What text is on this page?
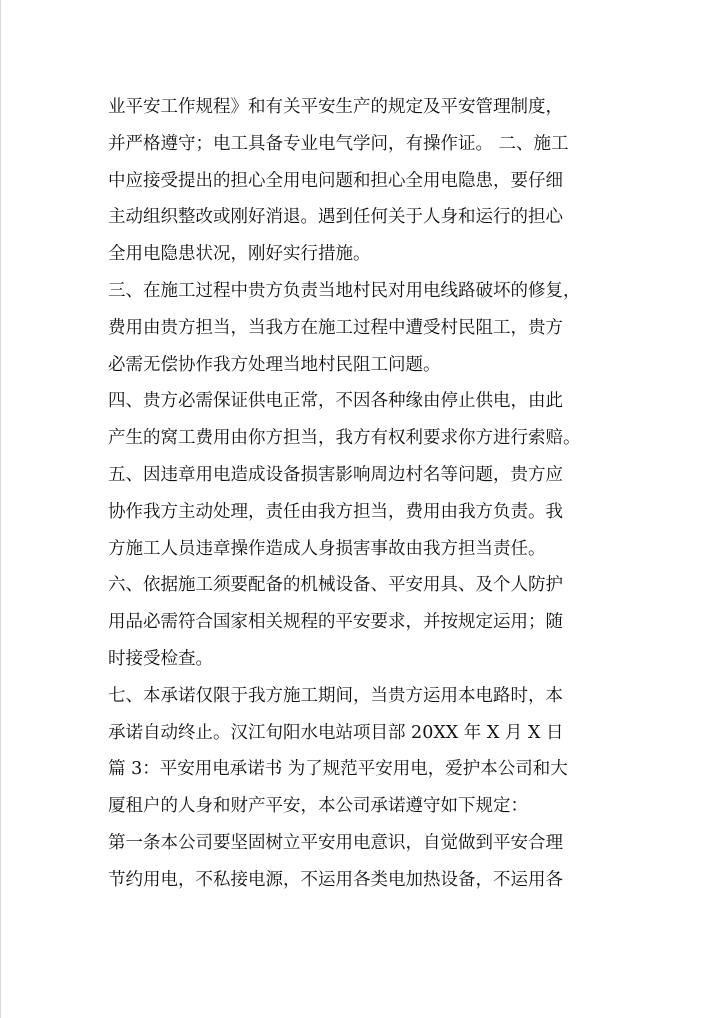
业平安工作规程》和有关平安生产的规定及平安管理制度，
并严格遵守；电工具备专业电气学问，有操作证。 二、施工
中应接受提出的担心全用电问题和担心全用电隐患，要仔细
主动组织整改或刚好消退。遇到任何关于人身和运行的担心
全用电隐患状况，刚好实行措施。
三、在施工过程中贵方负责当地村民对用电线路破坏的修复，
费用由贵方担当，当我方在施工过程中遭受村民阻工，贵方
必需无偿协作我方处理当地村民阻工问题。
四、贵方必需保证供电正常，不因各种缘由停止供电，由此
产生的窝工费用由你方担当，我方有权利要求你方进行索赔。
五、因违章用电造成设备损害影响周边村名等问题，贵方应
协作我方主动处理，责任由我方担当，费用由我方负责。我
方施工人员违章操作造成人身损害事故由我方担当责任。
六、依据施工须要配备的机械设备、平安用具、及个人防护
用品必需符合国家相关规程的平安要求，并按规定运用；随
时接受检查。
七、本承诺仅限于我方施工期间，当贵方运用本电路时，本
承诺自动终止。汉江旬阳水电站项目部 20XX 年 X 月 X 日
篇 3：平安用电承诺书 为了规范平安用电，爱护本公司和大
厦租户的人身和财产平安，本公司承诺遵守如下规定：
第一条本公司要坚固树立平安用电意识，自觉做到平安合理
节约用电，不私接电源，不运用各类电加热设备，不运用各
